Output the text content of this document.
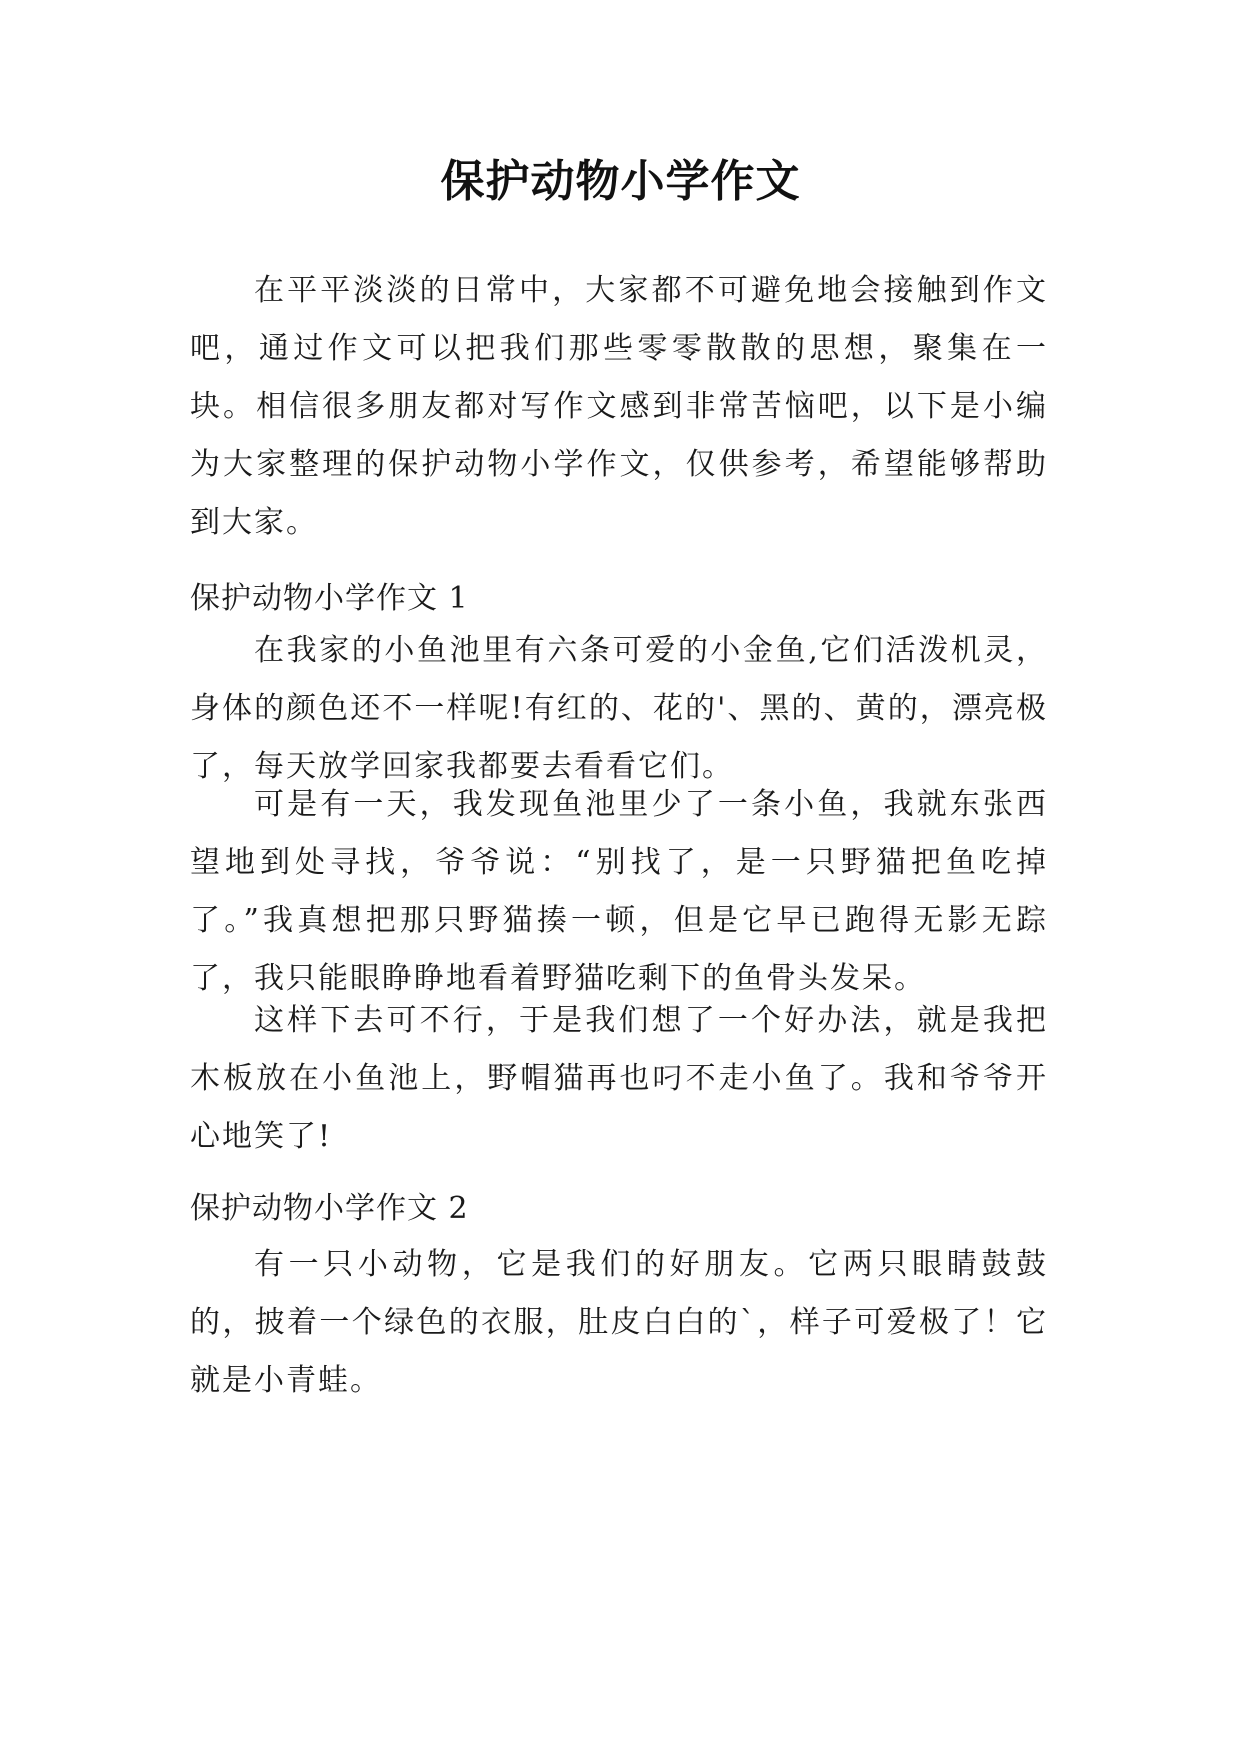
保护动物小学作文

在平平淡淡的日常中，大家都不可避免地会接触到作文吧，通过作文可以把我们那些零零散散的思想，聚集在一块。相信很多朋友都对写作文感到非常苦恼吧，以下是小编为大家整理的保护动物小学作文，仅供参考，希望能够帮助到大家。

保护动物小学作文 1

在我家的小鱼池里有六条可爱的小金鱼,它们活泼机灵，身体的颜色还不一样呢!有红的、花的'、黑的、黄的，漂亮极了，每天放学回家我都要去看看它们。

可是有一天，我发现鱼池里少了一条小鱼，我就东张西望地到处寻找，爷爷说：“别找了，是一只野猫把鱼吃掉了。”我真想把那只野猫揍一顿，但是它早已跑得无影无踪了，我只能眼睁睁地看着野猫吃剩下的鱼骨头发呆。

这样下去可不行，于是我们想了一个好办法，就是我把木板放在小鱼池上，野帽猫再也叼不走小鱼了。我和爷爷开心地笑了!

保护动物小学作文 2

有一只小动物，它是我们的好朋友。它两只眼睛鼓鼓的，披着一个绿色的衣服，肚皮白白的`，样子可爱极了！它就是小青蛙。
